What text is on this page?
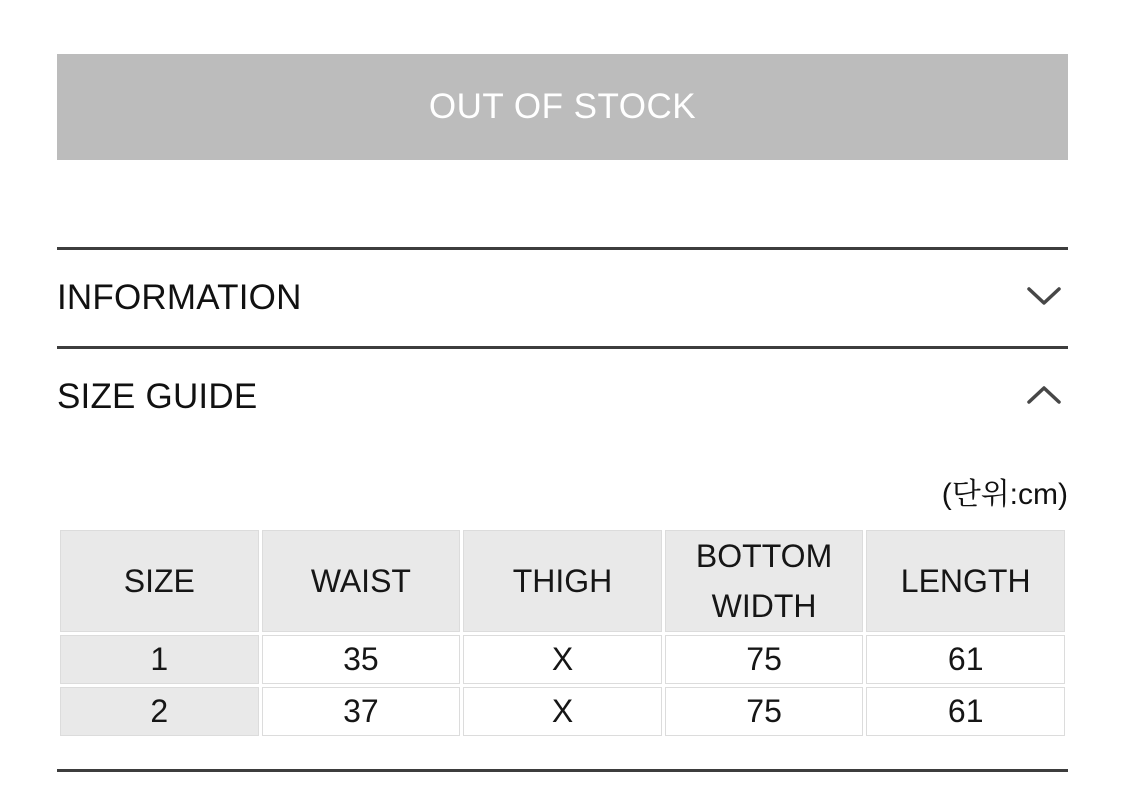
OUT OF STOCK
INFORMATION
SIZE GUIDE
(단위:cm)
SIZE	WAIST	THIGH	BOTTOM WIDTH	LENGTH
1	35	X	75	61
2	37	X	75	61
